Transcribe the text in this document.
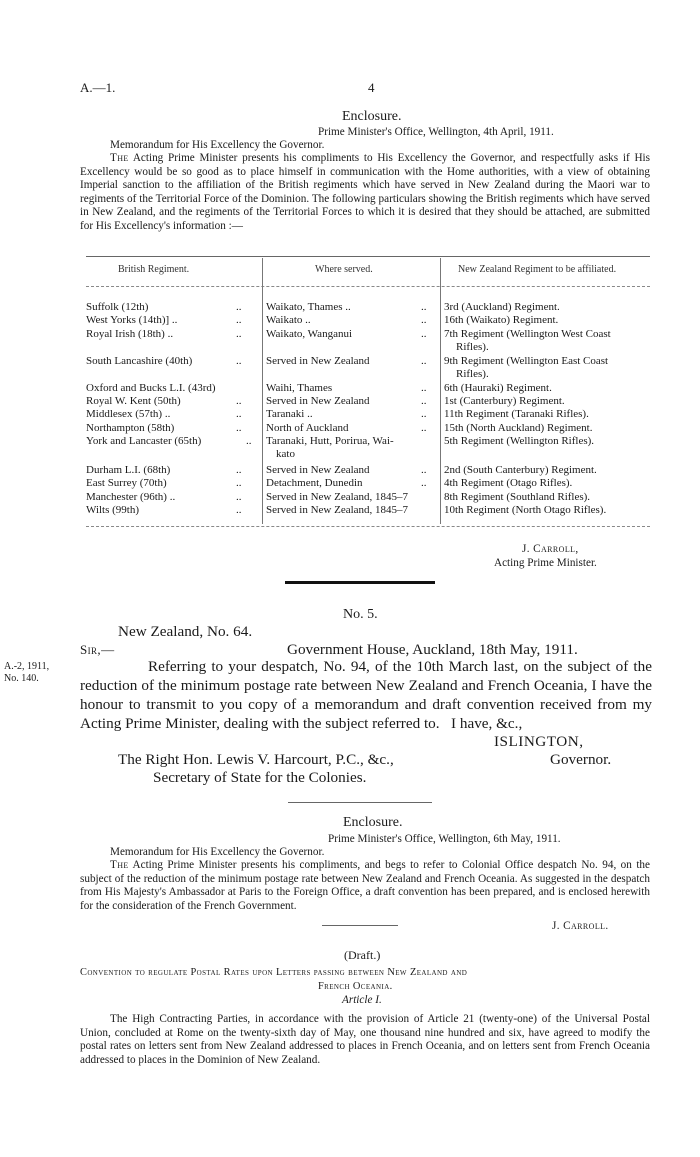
A.—1.	4
Enclosure.
Prime Minister's Office, Wellington, 4th April, 1911.
Memorandum for His Excellency the Governor.
The Acting Prime Minister presents his compliments to His Excellency the Governor, and respectfully asks if His Excellency would be so good as to place himself in communication with the Home authorities, with a view of obtaining Imperial sanction to the affiliation of the British regiments which have served in New Zealand during the Maori war to regiments of the Territorial Force of the Dominion. The following particulars showing the British regiments which have served in New Zealand, and the regiments of the Territorial Forces to which it is desired that they should be attached, are submitted for His Excellency's information :—
British Regiment.	Where served.	New Zealand Regiment to be affiliated.
Suffolk (12th)	.. Waikato, Thames ..	.. 3rd (Auckland) Regiment.
West Yorks (14th)] ..	.. Waikato ..	.. 16th (Waikato) Regiment.
Royal Irish (18th) ..	.. Waikato, Wanganui	.. 7th Regiment (Wellington West Coast
Rifles).
South Lancashire (40th)	.. Served in New Zealand	.. 9th Regiment (Wellington East Coast
Rifles).
Oxford and Bucks L.I. (43rd)	Waihi, Thames	.. 6th (Hauraki) Regiment.
Royal W. Kent (50th)	.. Served in New Zealand	.. 1st (Canterbury) Regiment.
Middlesex (57th) ..	.. Taranaki ..	.. 11th Regiment (Taranaki Rifles).
Northampton (58th)	.. North of Auckland	.. 15th (North Auckland) Regiment.
York and Lancaster (65th)	.. Taranaki, Hutt, Porirua, Wai-	5th Regiment (Wellington Rifles).
kato
Durham L.I. (68th)	.. Served in New Zealand	.. 2nd (South Canterbury) Regiment.
East Surrey (70th)	.. Detachment, Dunedin	.. 4th Regiment (Otago Rifles).
Manchester (96th) ..	.. Served in New Zealand, 1845–7	8th Regiment (Southland Rifles).
Wilts (99th)	.. Served in New Zealand, 1845–7	10th Regiment (North Otago Rifles).
J. Carroll,
Acting Prime Minister.
No. 5.
New Zealand, No. 64.
Sir,—	Government House, Auckland, 18th May, 1911.
A.-2, 1911,
No. 140.
Referring to your despatch, No. 94, of the 10th March last, on the subject of the reduction of the minimum postage rate between New Zealand and French Oceania, I have the honour to transmit to you copy of a memorandum and draft convention received from my Acting Prime Minister, dealing with the subject referred to. I have, &c.,
ISLINGTON,
The Right Hon. Lewis V. Harcourt, P.C., &c.,	Governor.
Secretary of State for the Colonies.
Enclosure.
Prime Minister's Office, Wellington, 6th May, 1911.
Memorandum for His Excellency the Governor.
The Acting Prime Minister presents his compliments, and begs to refer to Colonial Office despatch No. 94, on the subject of the reduction of the minimum postage rate between New Zealand and French Oceania. As suggested in the despatch from His Majesty's Ambassador at Paris to the Foreign Office, a draft convention has been prepared, and is enclosed herewith for the consideration of the French Government.
J. Carroll.
(Draft.)
Convention to regulate Postal Rates upon Letters passing between New Zealand and
French Oceania.
Article I.
The High Contracting Parties, in accordance with the provision of Article 21 (twenty-one) of the Universal Postal Union, concluded at Rome on the twenty-sixth day of May, one thousand nine hundred and six, have agreed to modify the postal rates on letters sent from New Zealand addressed to places in French Oceania, and on letters sent from French Oceania addressed to places in the Dominion of New Zealand.
